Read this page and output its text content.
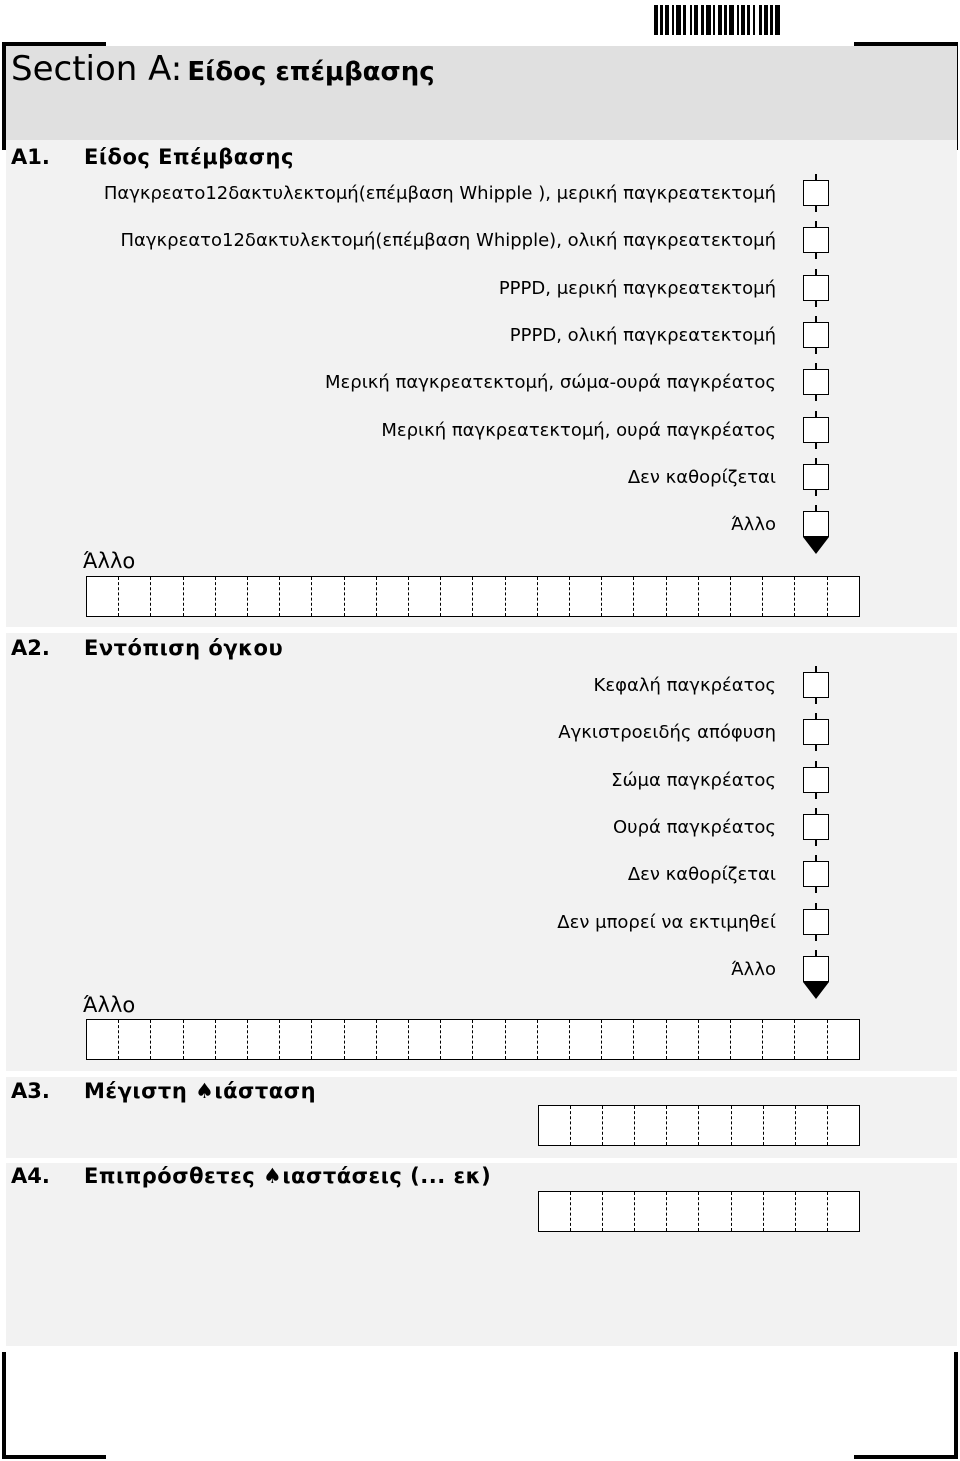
Section A: Είδος επέμβασης
A1. Είδος Επέμβασης
Παγκρεατο12δακτυλεκτομή(επέμβαση Whipple ), μερική παγκρεατεκτομή
Παγκρεατο12δακτυλεκτομή(επέμβαση Whipple), ολική παγκρεατεκτομή
PPPD, μερική παγκρεατεκτομή
PPPD, ολική παγκρεατεκτομή
Μερική παγκρεατεκτομή, σώμα-ουρά παγκρέατος
Μερική παγκρεατεκτομή, ουρά παγκρέατος
Δεν καθορίζεται
Άλλο
Άλλο
A2. Εντόπιση όγκου
Κεφαλή παγκρέατος
Αγκιστροειδής απόφυση
Σώμα παγκρέατος
Ουρά παγκρέατος
Δεν καθορίζεται
Δεν μπορεί να εκτιμηθεί
Άλλο
Άλλο
A3. Μέγιστη ♠ιάσταση
A4. Επιπρόσθετες ♠ιαστάσεις (... εκ)
